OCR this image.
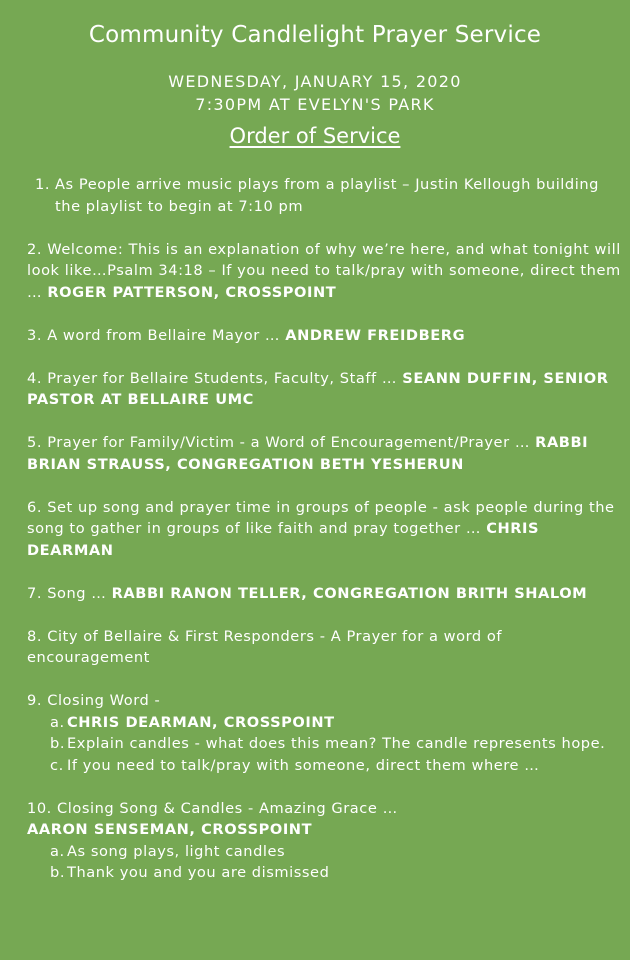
Community Candlelight Prayer Service
WEDNESDAY, JANUARY 15, 2020
7:30PM AT EVELYN'S PARK
Order of Service
1. As People arrive music plays from a playlist – Justin Kellough building the playlist to begin at 7:10 pm
2. Welcome: This is an explanation of why we’re here, and what tonight will look like…Psalm 34:18 – If you need to talk/pray with someone, direct them … ROGER PATTERSON, CROSSPOINT
3. A word from Bellaire Mayor … ANDREW FREIDBERG
4. Prayer for Bellaire Students, Faculty, Staff … SEANN DUFFIN, SENIOR PASTOR AT BELLAIRE UMC
5. Prayer for Family/Victim - a Word of Encouragement/Prayer … RABBI BRIAN STRAUSS, CONGREGATION BETH YESHERUN
6. Set up song and prayer time in groups of people - ask people during the song to gather in groups of like faith and pray together … CHRIS DEARMAN
7. Song … RABBI RANON TELLER, CONGREGATION BRITH SHALOM
8. City of Bellaire & First Responders - A Prayer for a word of encouragement
9. Closing Word -
a. CHRIS DEARMAN, CROSSPOINT
b. Explain candles - what does this mean? The candle represents hope.
c. If you need to talk/pray with someone, direct them where …
10. Closing Song & Candles - Amazing Grace …
AARON SENSEMAN, CROSSPOINT
a. As song plays, light candles
b. Thank you and you are dismissed
